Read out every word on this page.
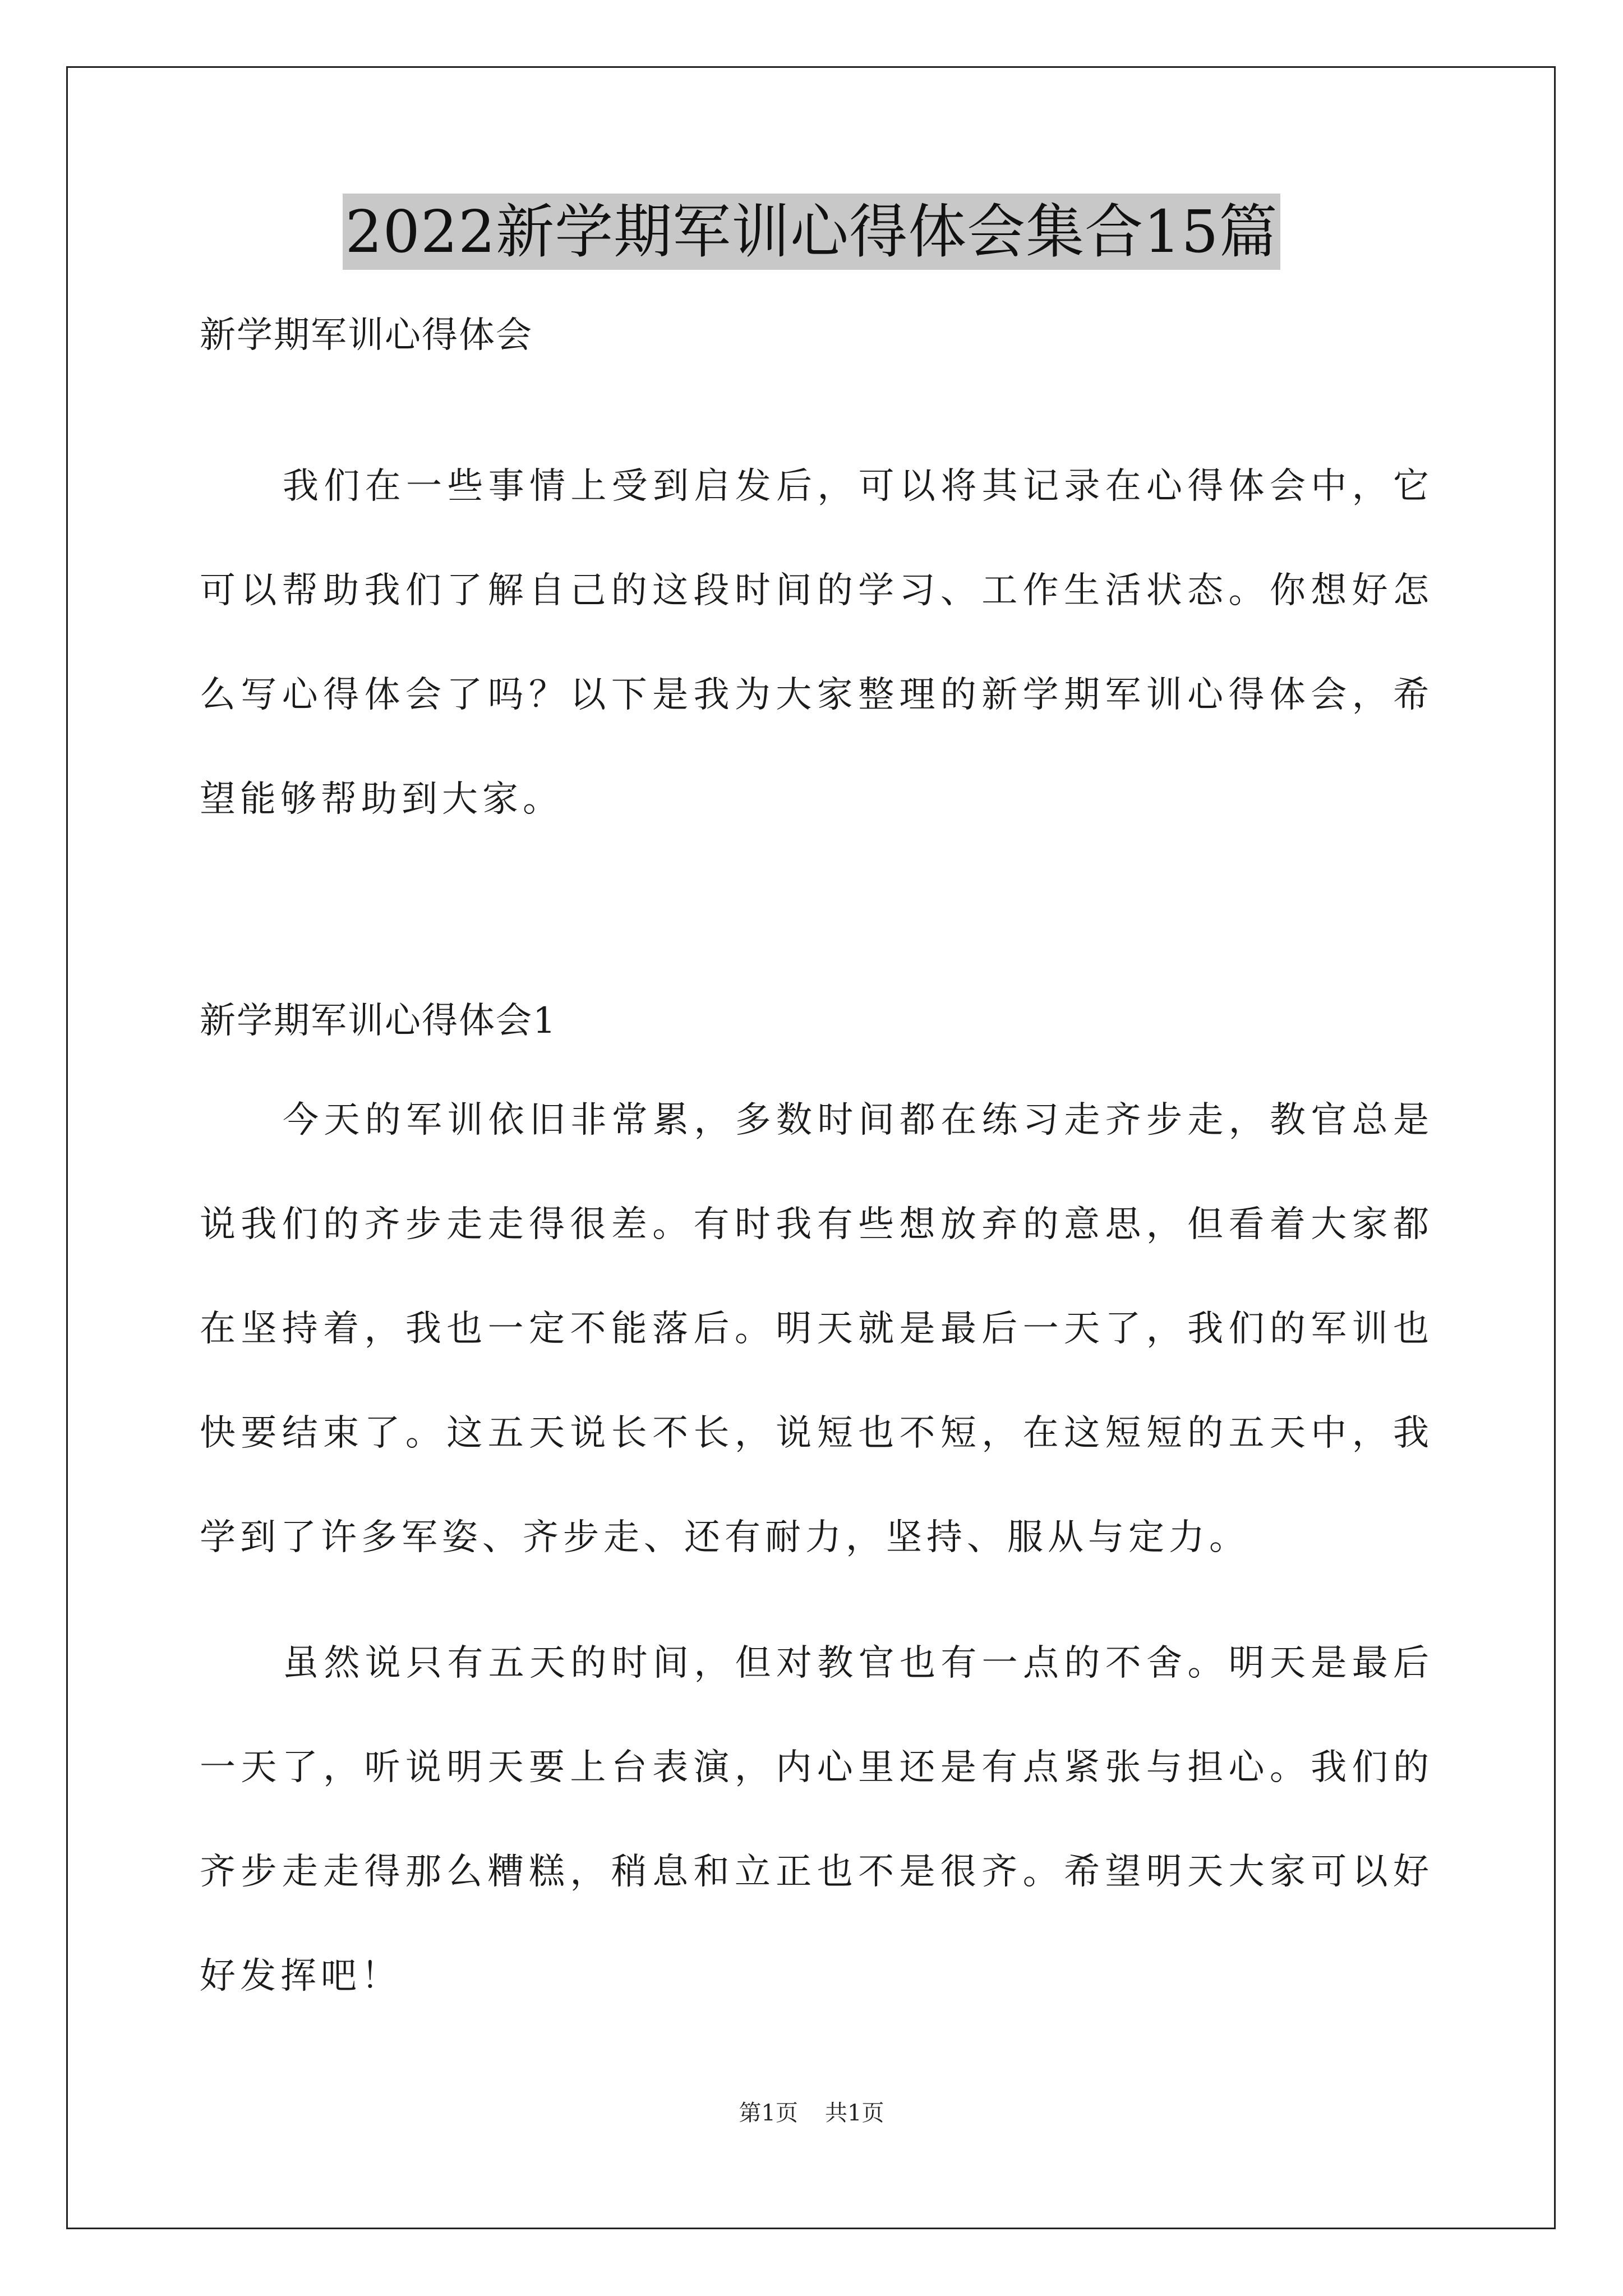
2022新学期军训心得体会集合15篇
新学期军训心得体会

我们在一些事情上受到启发后，可以将其记录在心得体会中，它可以帮助我们了解自己的这段时间的学习、工作生活状态。你想好怎么写心得体会了吗？以下是我为大家整理的新学期军训心得体会，希望能够帮助到大家。

新学期军训心得体会1

今天的军训依旧非常累，多数时间都在练习走齐步走，教官总是说我们的齐步走走得很差。有时我有些想放弃的意思，但看着大家都在坚持着，我也一定不能落后。明天就是最后一天了，我们的军训也快要结束了。这五天说长不长，说短也不短，在这短短的五天中，我学到了许多军姿、齐步走、还有耐力，坚持、服从与定力。

虽然说只有五天的时间，但对教官也有一点的不舍。明天是最后一天了，听说明天要上台表演，内心里还是有点紧张与担心。我们的齐步走走得那么糟糕，稍息和立正也不是很齐。希望明天大家可以好好发挥吧！

第1页 共1页
